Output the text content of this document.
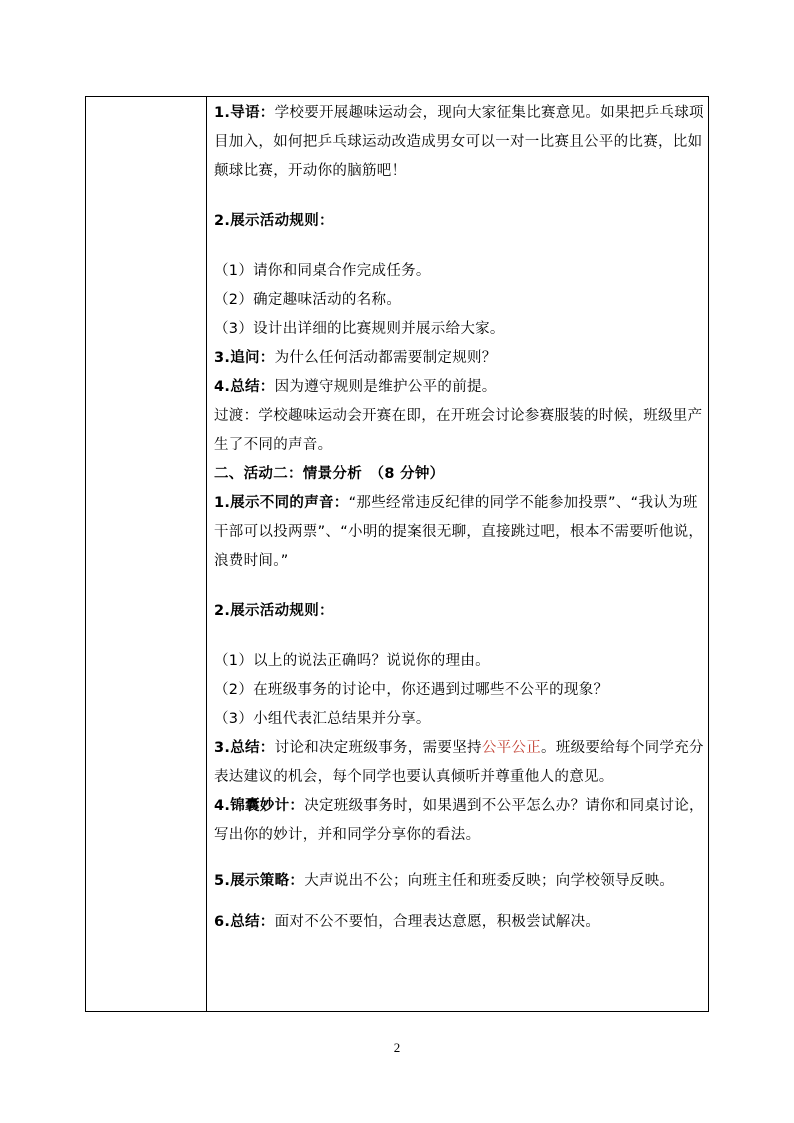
1.导语：学校要开展趣味运动会，现向大家征集比赛意见。如果把乒乓球项目加入，如何把乒乓球运动改造成男女可以一对一比赛且公平的比赛，比如颠球比赛，开动你的脑筋吧！

2.展示活动规则：

（1）请你和同桌合作完成任务。

（2）确定趣味活动的名称。

（3）设计出详细的比赛规则并展示给大家。

3.追问：为什么任何活动都需要制定规则？

4.总结：因为遵守规则是维护公平的前提。

过渡：学校趣味运动会开赛在即，在开班会讨论参赛服装的时候，班级里产生了不同的声音。

二、活动二：情景分析　（8 分钟）

1.展示不同的声音：“那些经常违反纪律的同学不能参加投票”、“我认为班干部可以投两票”、“小明的提案很无聊，直接跳过吧，根本不需要听他说，浪费时间。”

2.展示活动规则：

（1）以上的说法正确吗？说说你的理由。

（2）在班级事务的讨论中，你还遇到过哪些不公平的现象？

（3）小组代表汇总结果并分享。

3.总结：讨论和决定班级事务，需要坚持公平公正。班级要给每个同学充分表达建议的机会，每个同学也要认真倾听并尊重他人的意见。

4.锦囊妙计：决定班级事务时，如果遇到不公平怎么办？请你和同桌讨论，写出你的妙计，并和同学分享你的看法。

5.展示策略：大声说出不公；向班主任和班委反映；向学校领导反映。

6.总结：面对不公不要怕，合理表达意愿，积极尝试解决。

2
